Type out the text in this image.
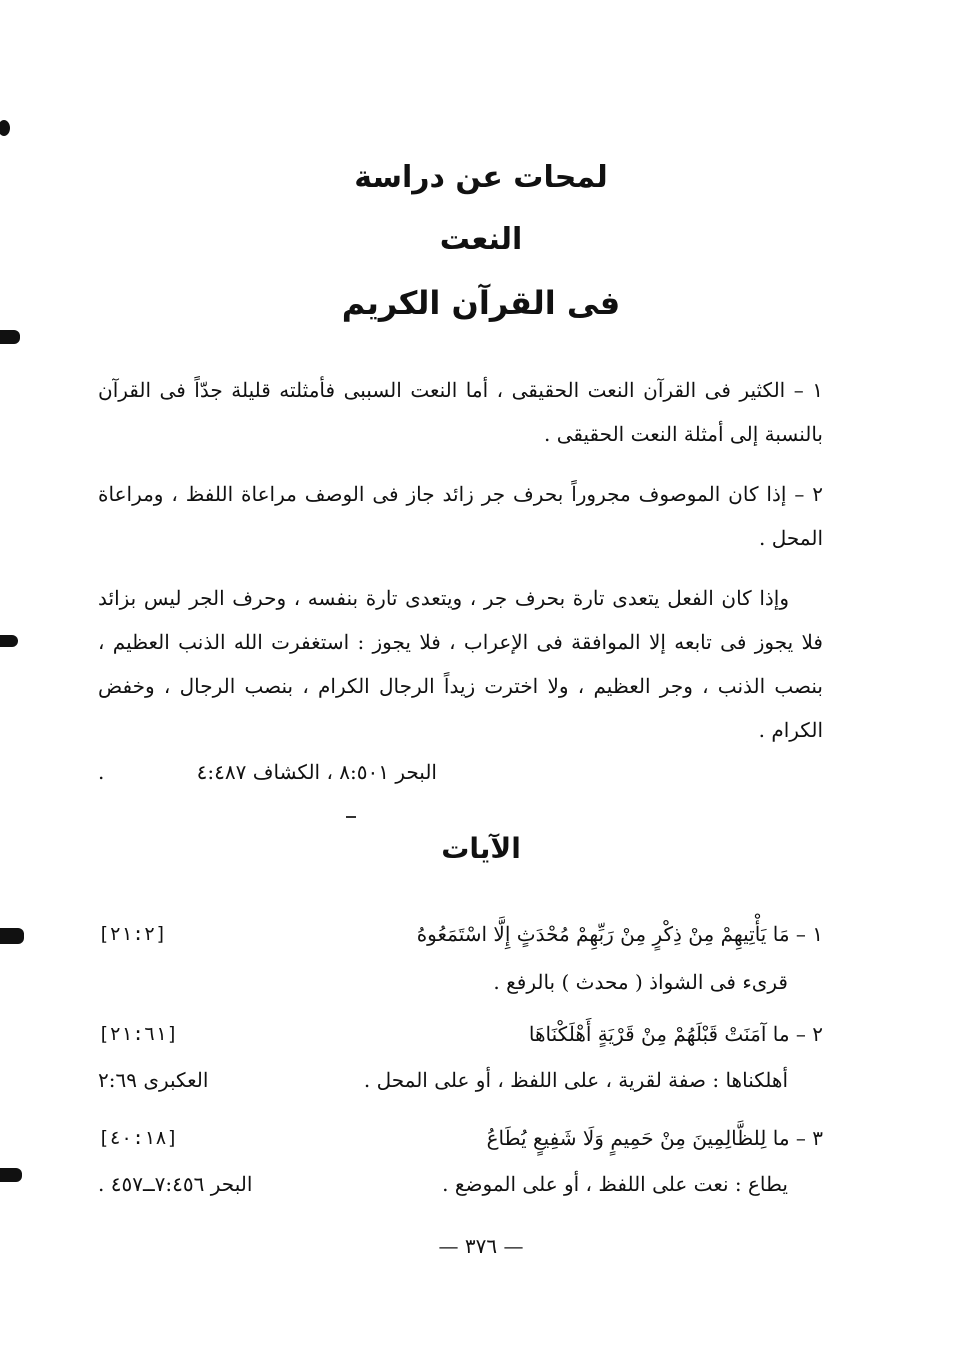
لمحات عن دراسة
النعت
فى القرآن الكريم
١ – الكثير فى القرآن النعت الحقيقى ، أما النعت السببى فأمثلته قليلة جدّاً فى القرآن بالنسبة إلى أمثلة النعت الحقيقى .
٢ – إذا كان الموصوف مجروراً بحرف جر زائد جاز فى الوصف مراعاة اللفظ ، ومراعاة المحل .
وإذا كان الفعل يتعدى تارة بحرف جر ، ويتعدى تارة بنفسه ، وحرف الجر ليس بزائد فلا يجوز فى تابعه إلا الموافقة فى الإعراب ، فلا يجوز : استغفرت الله الذنب العظيم ، بنصب الذنب ، وجر العظيم ، ولا اخترت زيداً الرجال الكرام ، بنصب الرجال ، وخفض الكرام .
البحر ٨:٥٠١ ، الكشاف ٤:٤٨٧
.
الآيات
١ – مَا يَأْتِيهِمْ مِنْ ذِكْرٍ مِنْ رَبِّهِمْ مُحْدَثٍ إِلَّا اسْتَمَعُوهُ
[٢١:٢]
قرىء فى الشواذ ( محدث ) بالرفع .
٢ – ما آمَنَتْ قَبْلَهُمْ مِنْ قَرْيَةٍ أَهْلَكْنَاهَا
[٢١:٦١]
أهلكناها : صفة لقرية ، على اللفظ ، أو على المحل .
العكبرى ٢:٦٩
٣ – ما لِلظَّالِمِينَ مِنْ حَمِيمٍ وَلَا شَفِيعٍ يُطَاعُ
[٤٠:١٨]
يطاع : نعت على اللفظ ، أو على الموضع .
البحر ٧:٤٥٦ــ٤٥٧ .
— ٣٧٦ —
